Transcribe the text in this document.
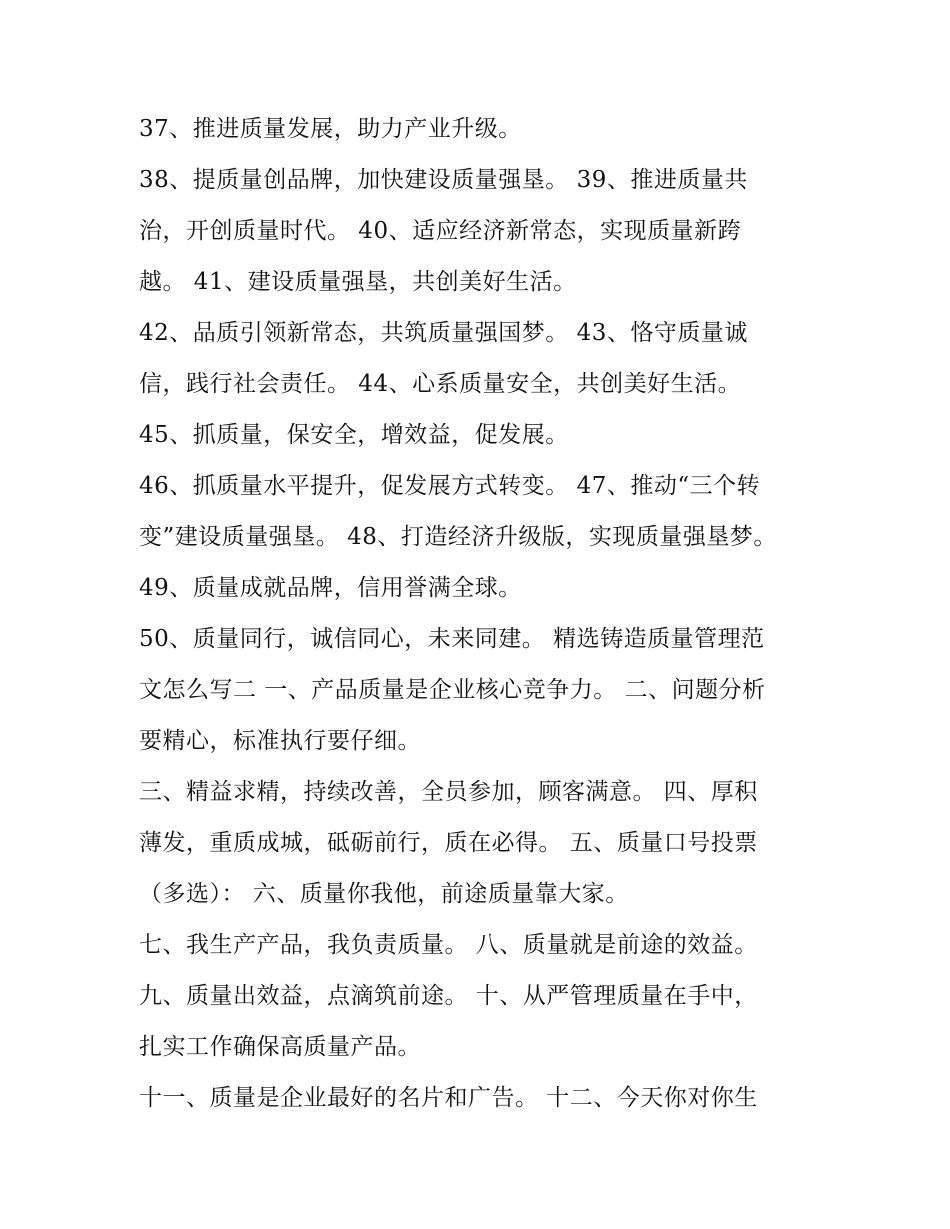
37、推进质量发展，助力产业升级。
38、提质量创品牌，加快建设质量强垦。 39、推进质量共
治，开创质量时代。 40、适应经济新常态，实现质量新跨
越。 41、建设质量强垦，共创美好生活。
42、品质引领新常态，共筑质量强国梦。 43、恪守质量诚
信，践行社会责任。 44、心系质量安全，共创美好生活。
45、抓质量，保安全，增效益，促发展。
46、抓质量水平提升，促发展方式转变。 47、推动“三个转
变”建设质量强垦。 48、打造经济升级版，实现质量强垦梦。
49、质量成就品牌，信用誉满全球。
50、质量同行，诚信同心，未来同建。 精选铸造质量管理范
文怎么写二 一、产品质量是企业核心竞争力。 二、问题分析
要精心，标准执行要仔细。
三、精益求精，持续改善，全员参加，顾客满意。 四、厚积
薄发，重质成城，砥砺前行，质在必得。 五、质量口号投票
（多选）： 六、质量你我他，前途质量靠大家。
七、我生产产品，我负责质量。 八、质量就是前途的效益。
九、质量出效益，点滴筑前途。 十、从严管理质量在手中，
扎实工作确保高质量产品。
十一、质量是企业最好的名片和广告。 十二、今天你对你生
